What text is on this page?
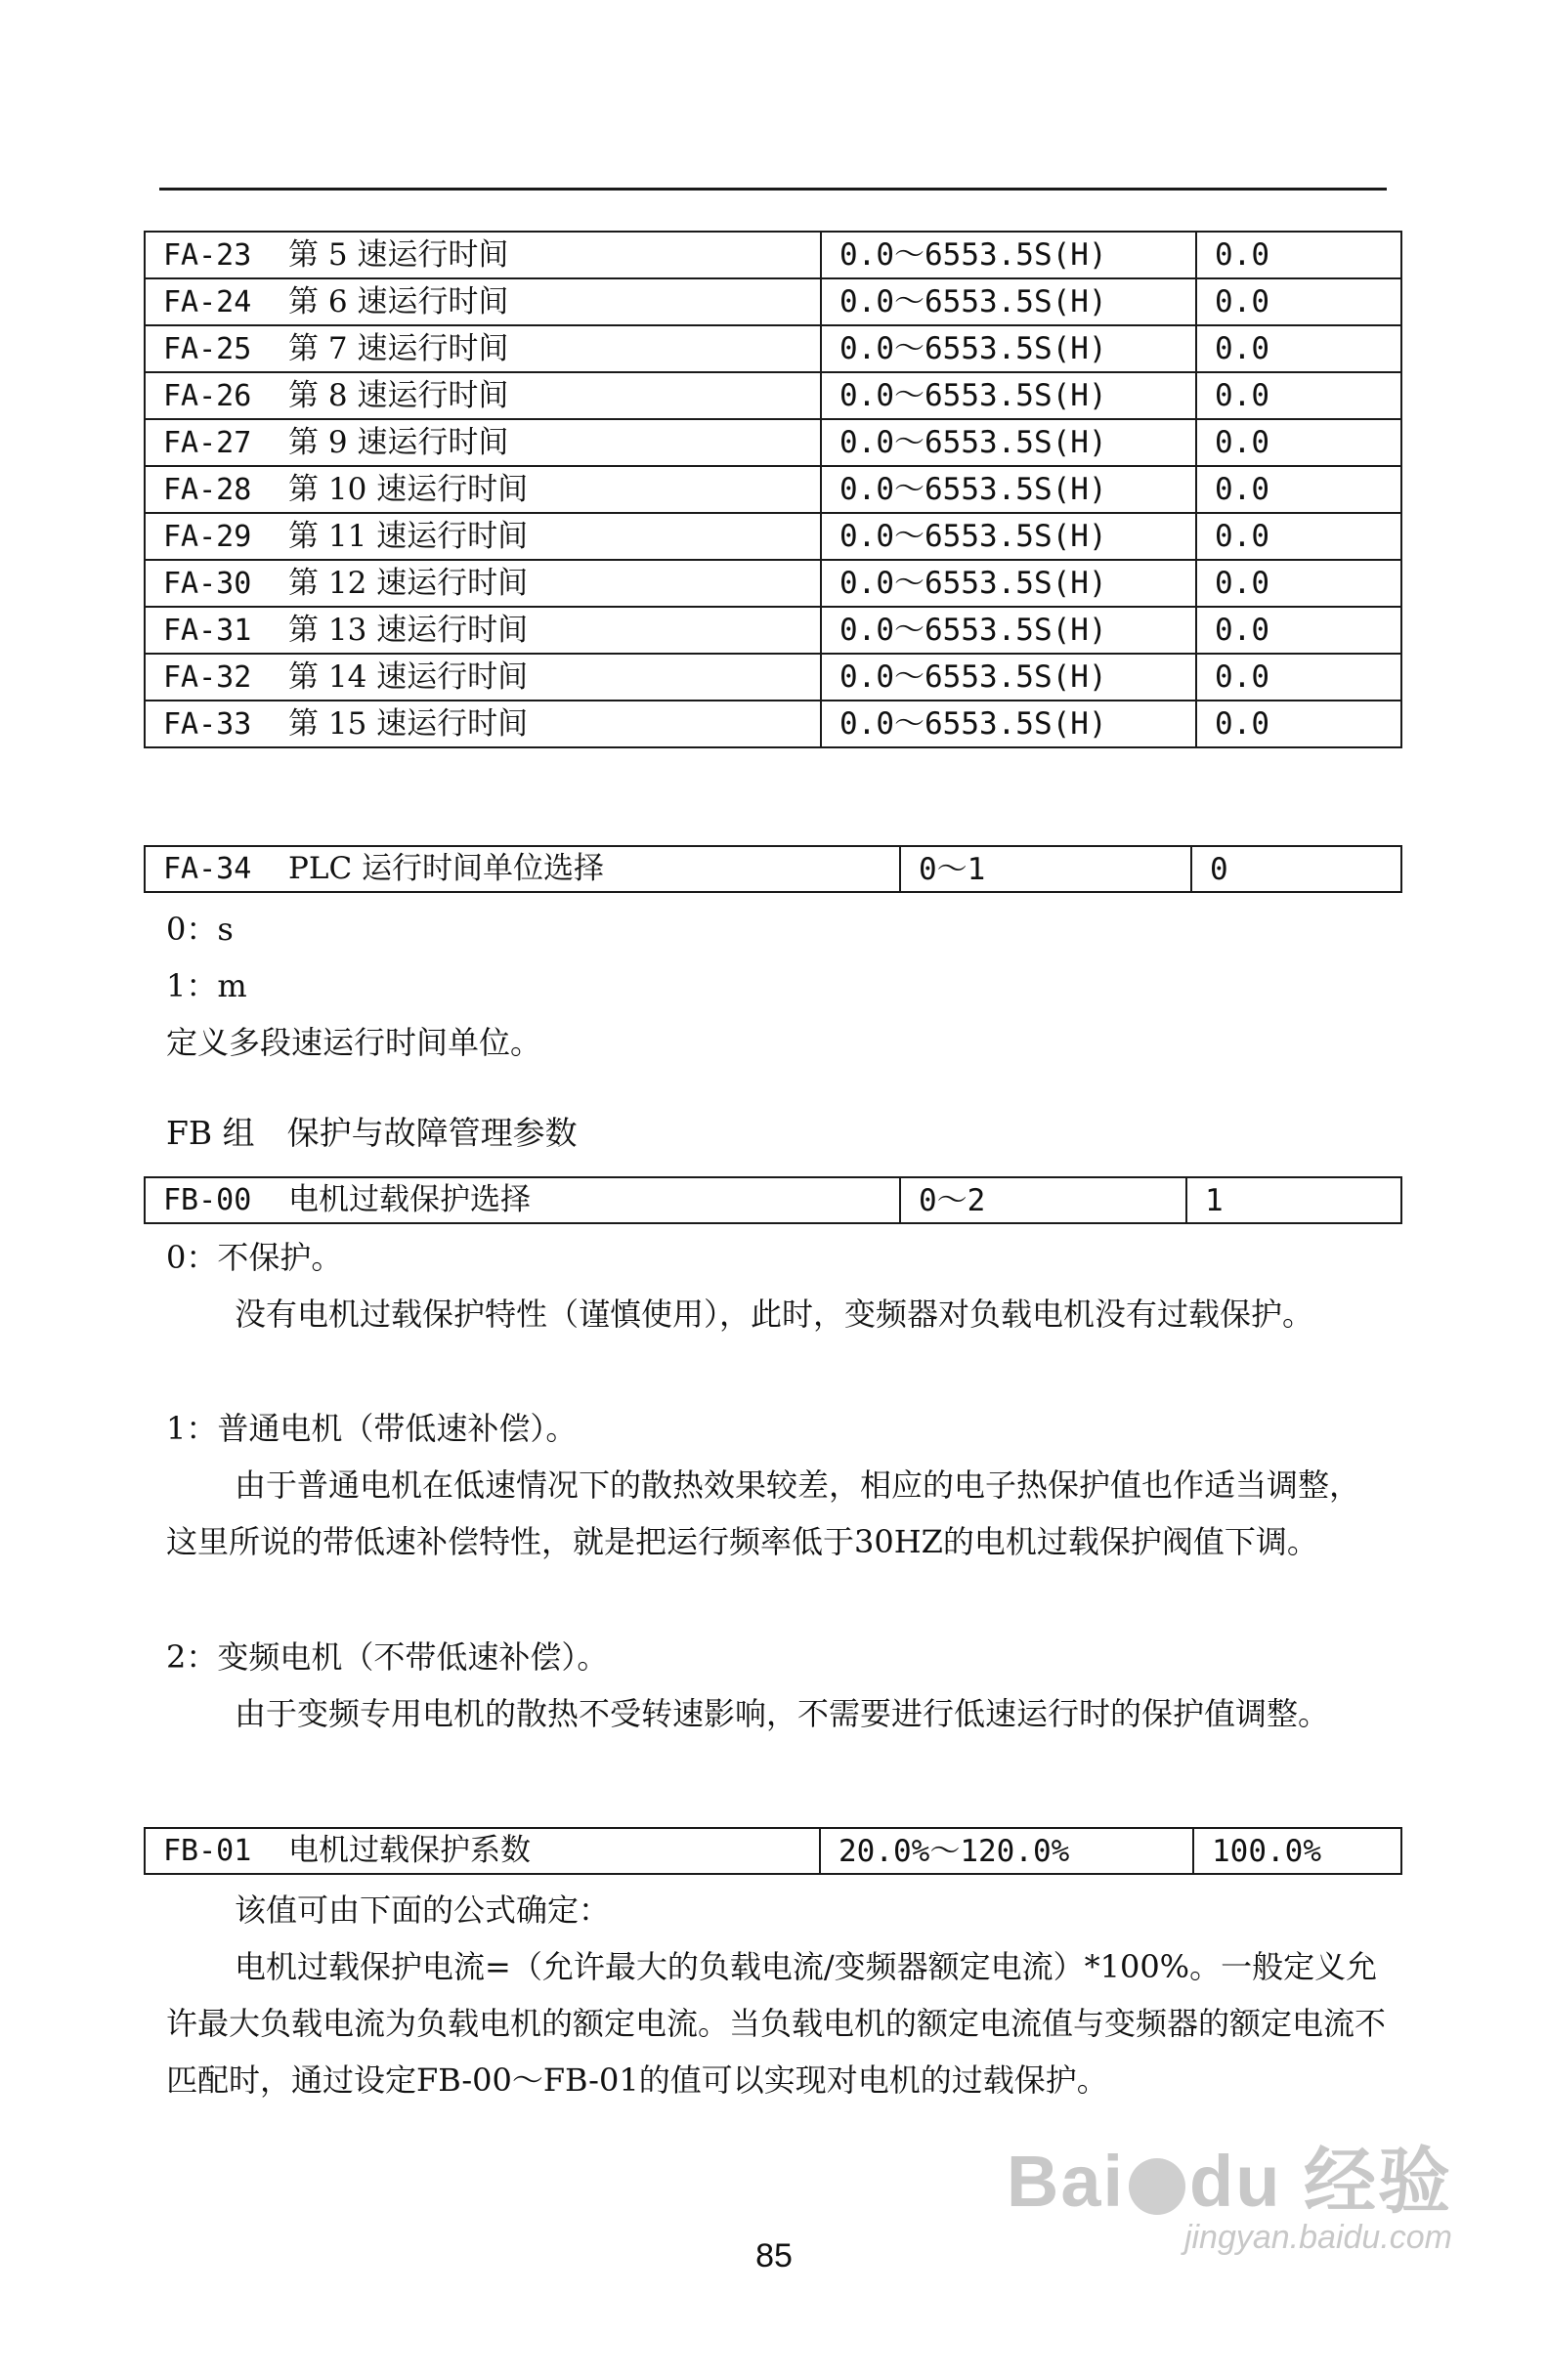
FA-23 第 5 速运行时间	0.0～6553.5S(H)	0.0
FA-24 第 6 速运行时间	0.0～6553.5S(H)	0.0
FA-25 第 7 速运行时间	0.0～6553.5S(H)	0.0
FA-26 第 8 速运行时间	0.0～6553.5S(H)	0.0
FA-27 第 9 速运行时间	0.0～6553.5S(H)	0.0
FA-28 第 10 速运行时间	0.0～6553.5S(H)	0.0
FA-29 第 11 速运行时间	0.0～6553.5S(H)	0.0
FA-30 第 12 速运行时间	0.0～6553.5S(H)	0.0
FA-31 第 13 速运行时间	0.0～6553.5S(H)	0.0
FA-32 第 14 速运行时间	0.0～6553.5S(H)	0.0
FA-33 第 15 速运行时间	0.0～6553.5S(H)	0.0
FA-34 PLC 运行时间单位选择	0～1	0

0：s

1：m

定义多段速运行时间单位。

FB 组　保护与故障管理参数

FB-00 电机过载保护选择	0～2	1

0：不保护。

没有电机过载保护特性（谨慎使用），此时，变频器对负载电机没有过载保护。

1：普通电机（带低速补偿）。

由于普通电机在低速情况下的散热效果较差，相应的电子热保护值也作适当调整，这里所说的带低速补偿特性，就是把运行频率低于30HZ的电机过载保护阀值下调。

2：变频电机（不带低速补偿）。

由于变频专用电机的散热不受转速影响，不需要进行低速运行时的保护值调整。

FB-01 电机过载保护系数	20.0%～120.0%	100.0%

该值可由下面的公式确定：

电机过载保护电流=（允许最大的负载电流/变频器额定电流）*100%。一般定义允许最大负载电流为负载电机的额定电流。当负载电机的额定电流值与变频器的额定电流不匹配时，通过设定FB-00～FB-01的值可以实现对电机的过载保护。

85
Bai du 经验
jingyan.baidu.com
